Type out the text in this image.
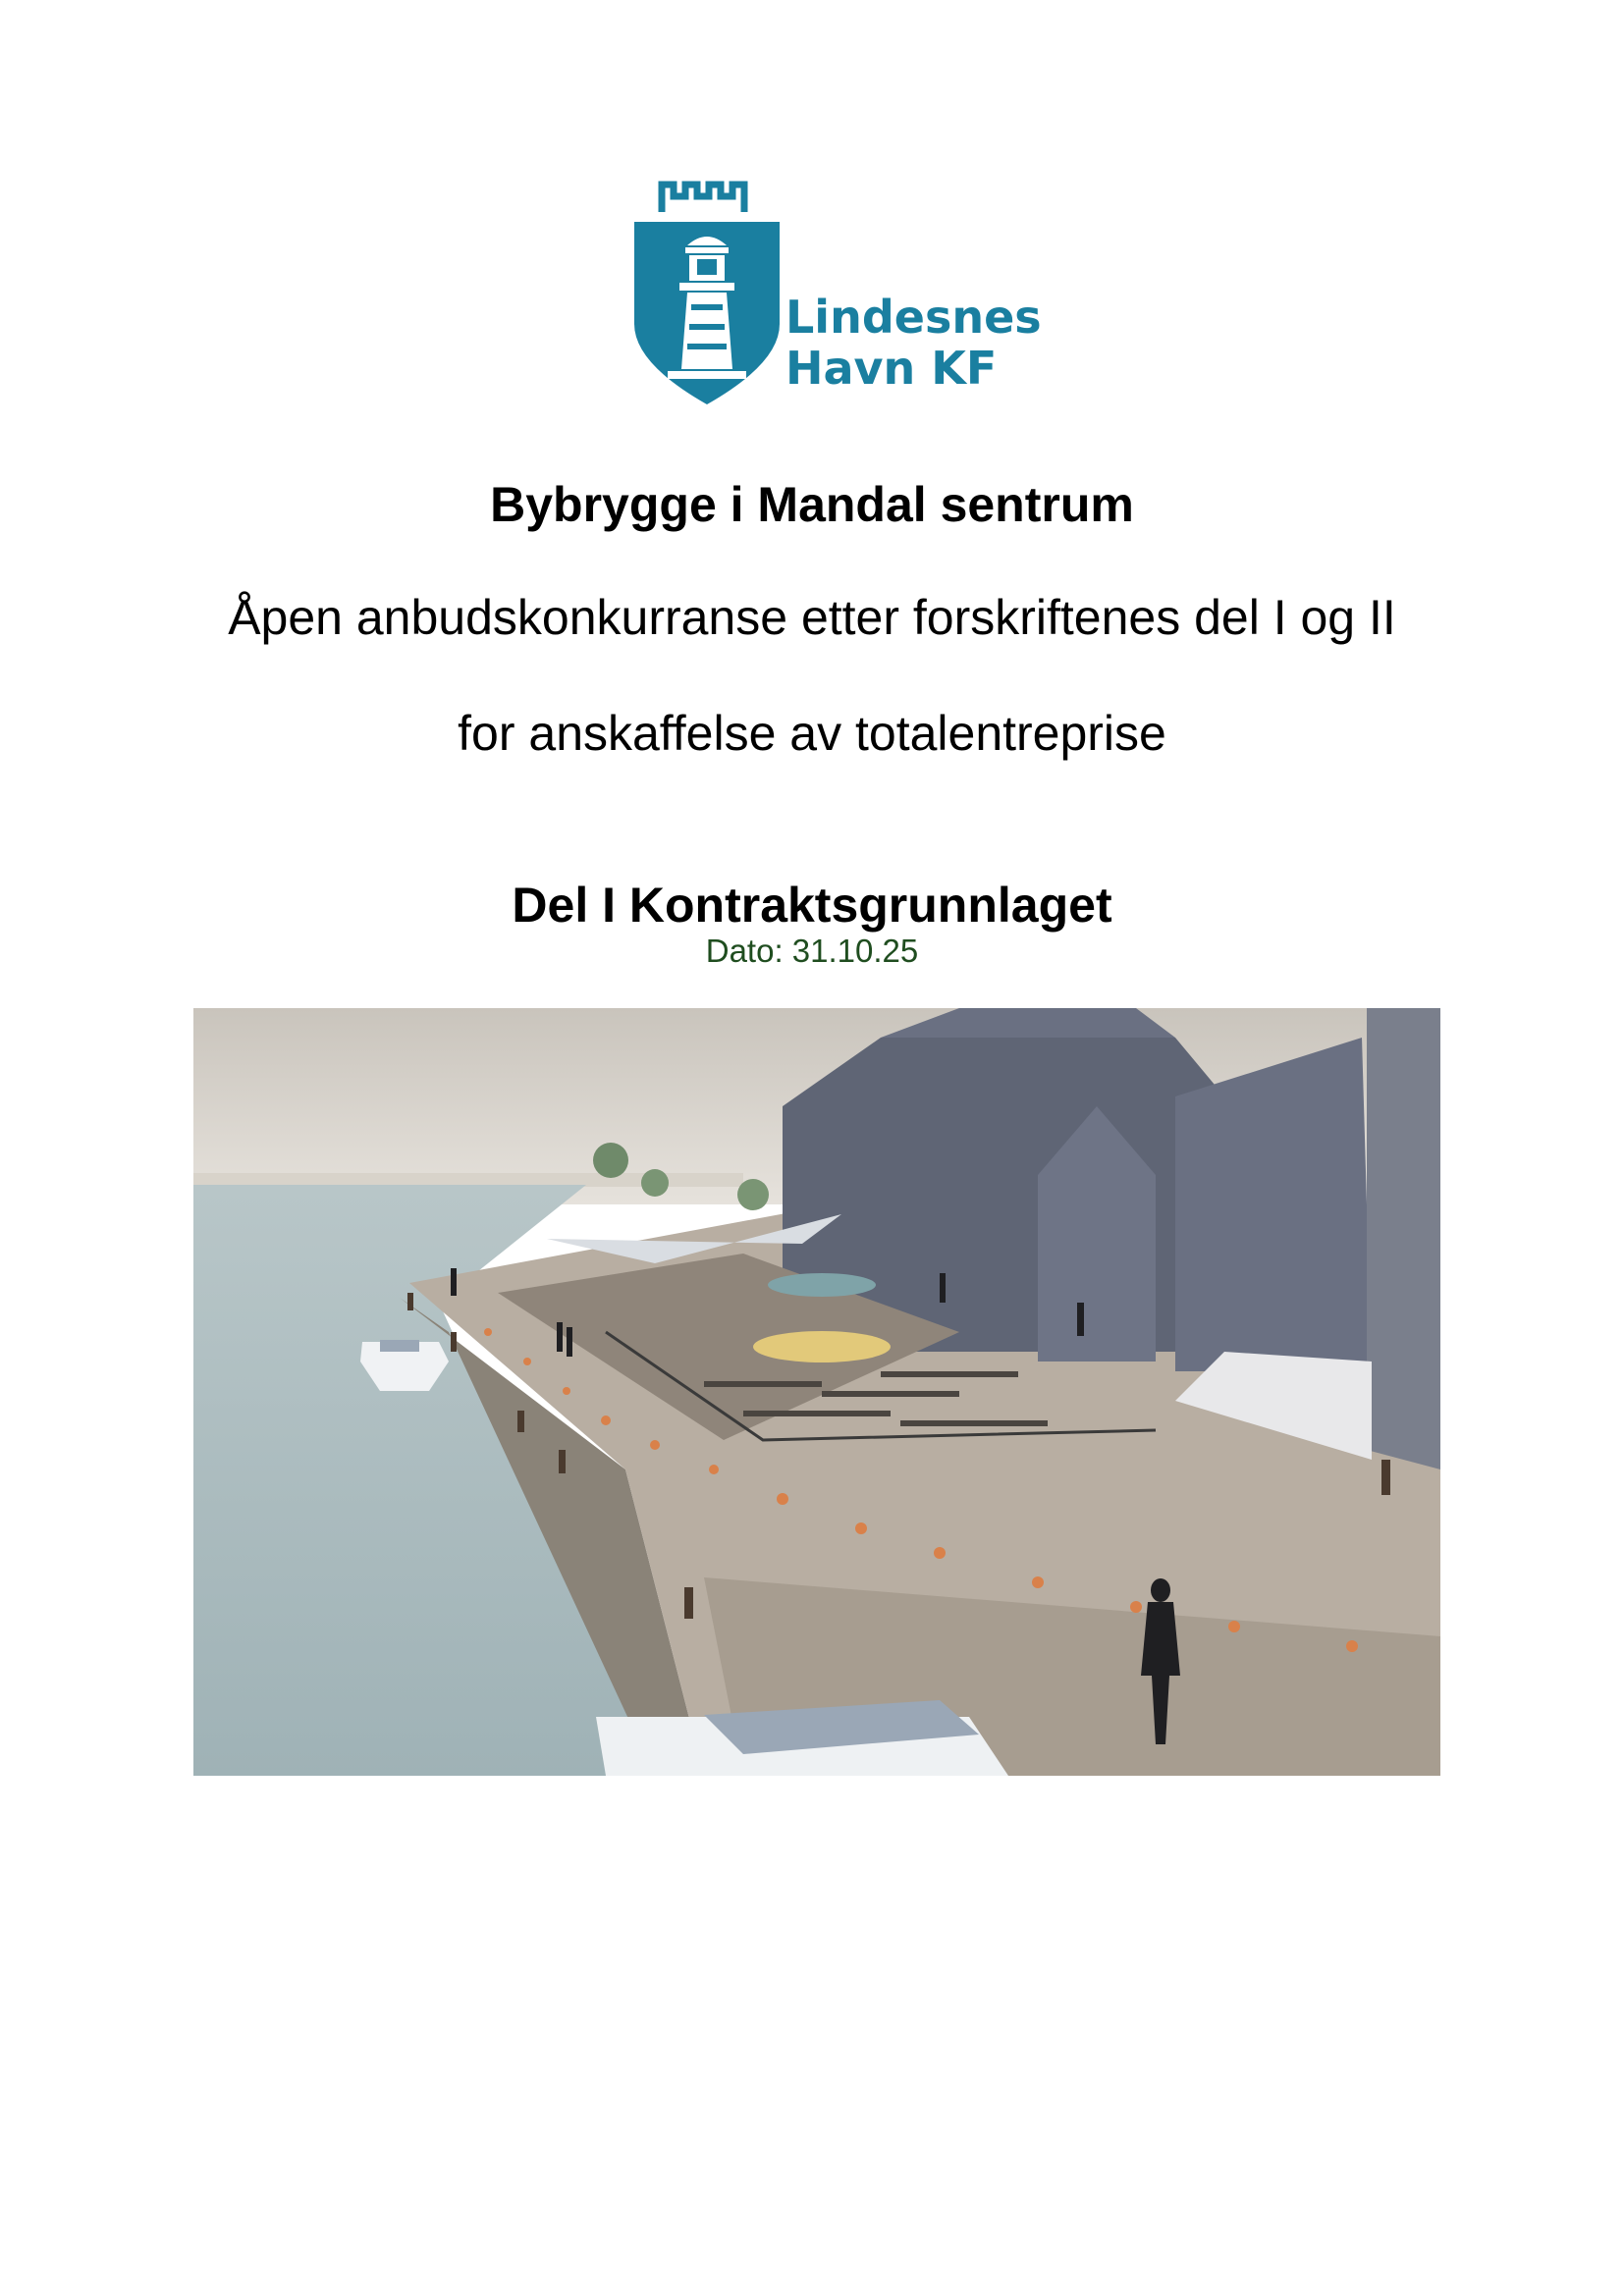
Lindesnes
Havn KF
Bybrygge i Mandal sentrum
Åpen anbudskonkurranse etter forskriftenes del I og II
for anskaffelse av totalentreprise
Del I Kontraktsgrunnlaget
Dato: 31.10.25
